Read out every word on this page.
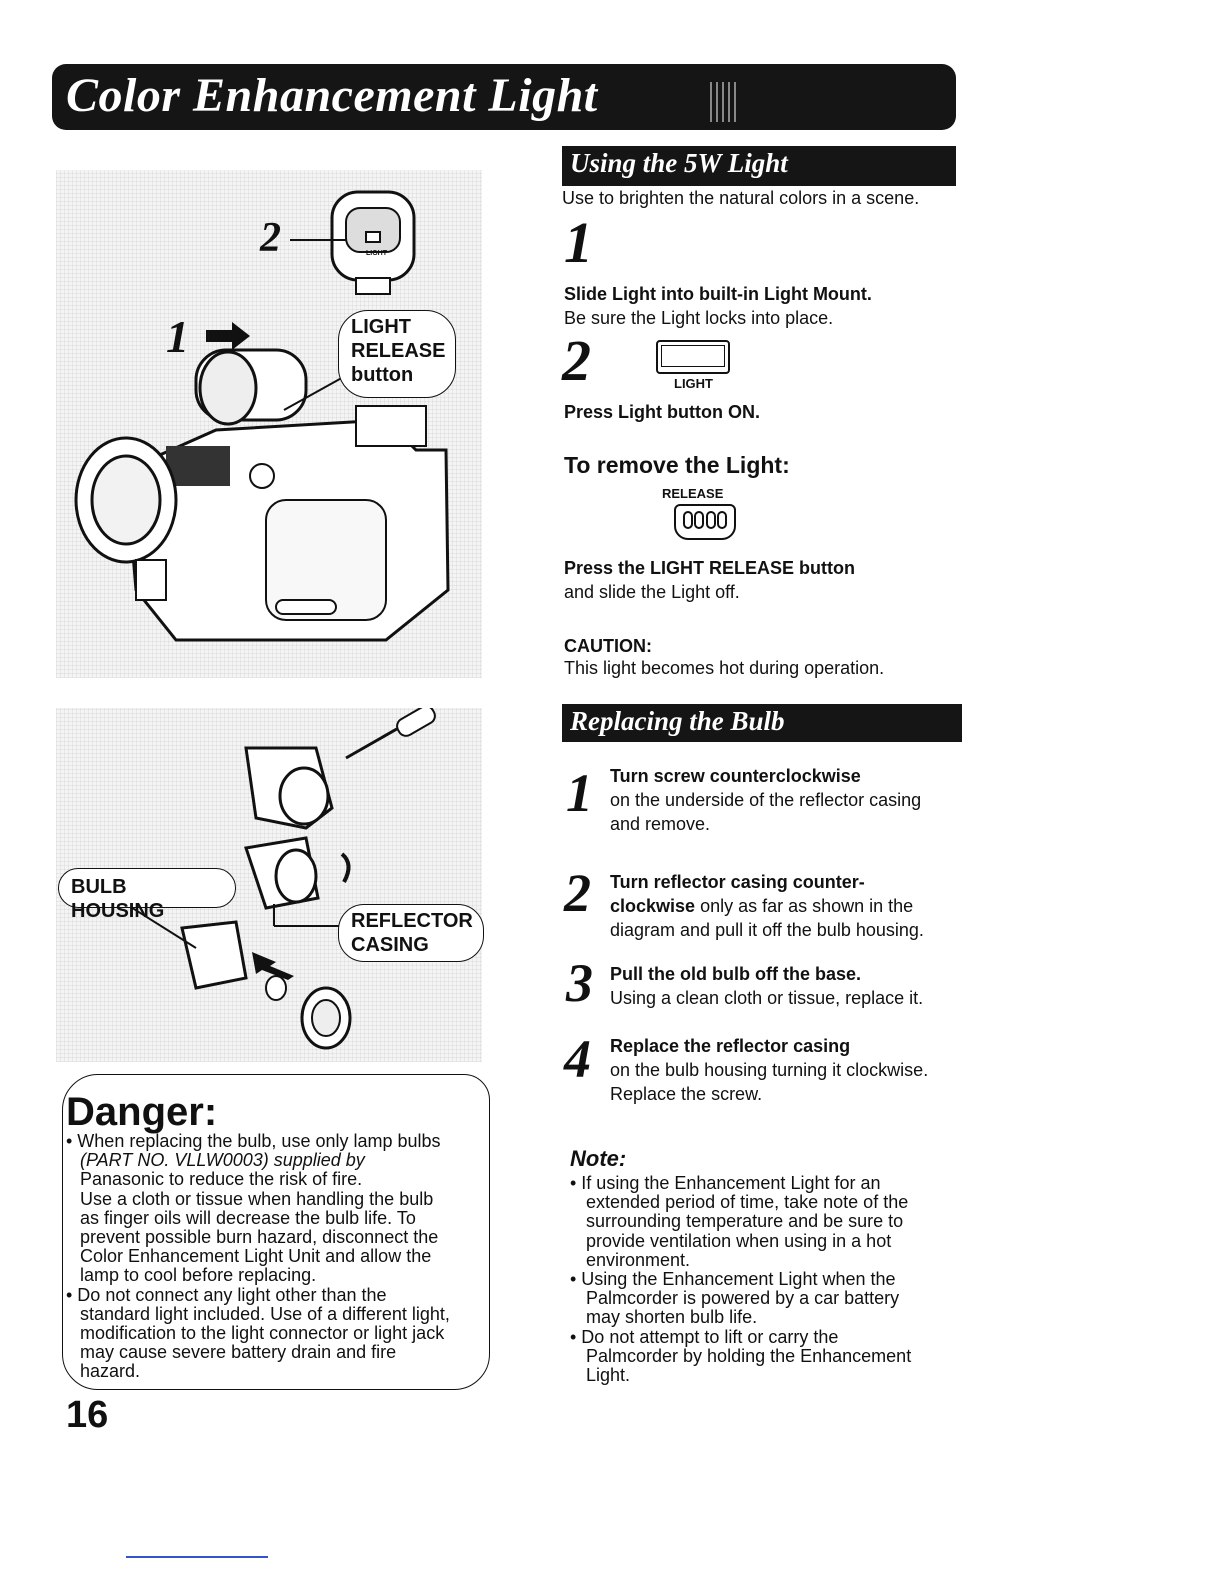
Color Enhancement Light
2
1
LIGHT
LIGHT
RELEASE
button
BULB HOUSING	REFLECTOR
CASING
Using the 5W Light
Use to brighten the natural colors in a scene.
1
Slide Light into built-in Light Mount.
Be sure the Light locks into place.
2	LIGHT
Press Light button ON.
To remove the Light:
RELEASE
Press the LIGHT RELEASE button
and slide the Light off.
CAUTION:
This light becomes hot during operation.
Replacing the Bulb
1 Turn screw counterclockwise
on the underside of the reflector casing
and remove.
2 Turn reflector casing counter-
clockwise only as far as shown in the
diagram and pull it off the bulb housing.
3 Pull the old bulb off the base.
Using a clean cloth or tissue, replace it.
4 Replace the reflector casing
on the bulb housing turning it clockwise.
Replace the screw.
Danger:

• When replacing the bulb, use only lamp bulbs

(PART NO. VLLW0003) supplied by

Panasonic to reduce the risk of fire.

Use a cloth or tissue when handling the bulb

as finger oils will decrease the bulb life. To

prevent possible burn hazard, disconnect the

Color Enhancement Light Unit and allow the

lamp to cool before replacing.

• Do not connect any light other than the

standard light included. Use of a different light,

modification to the light connector or light jack

may cause severe battery drain and fire

hazard.

Note:

• If using the Enhancement Light for an

extended period of time, take note of the

surrounding temperature and be sure to

provide ventilation when using in a hot

environment.

• Using the Enhancement Light when the

Palmcorder is powered by a car battery

may shorten bulb life.

• Do not attempt to lift or carry the

Palmcorder by holding the Enhancement

Light.

16
